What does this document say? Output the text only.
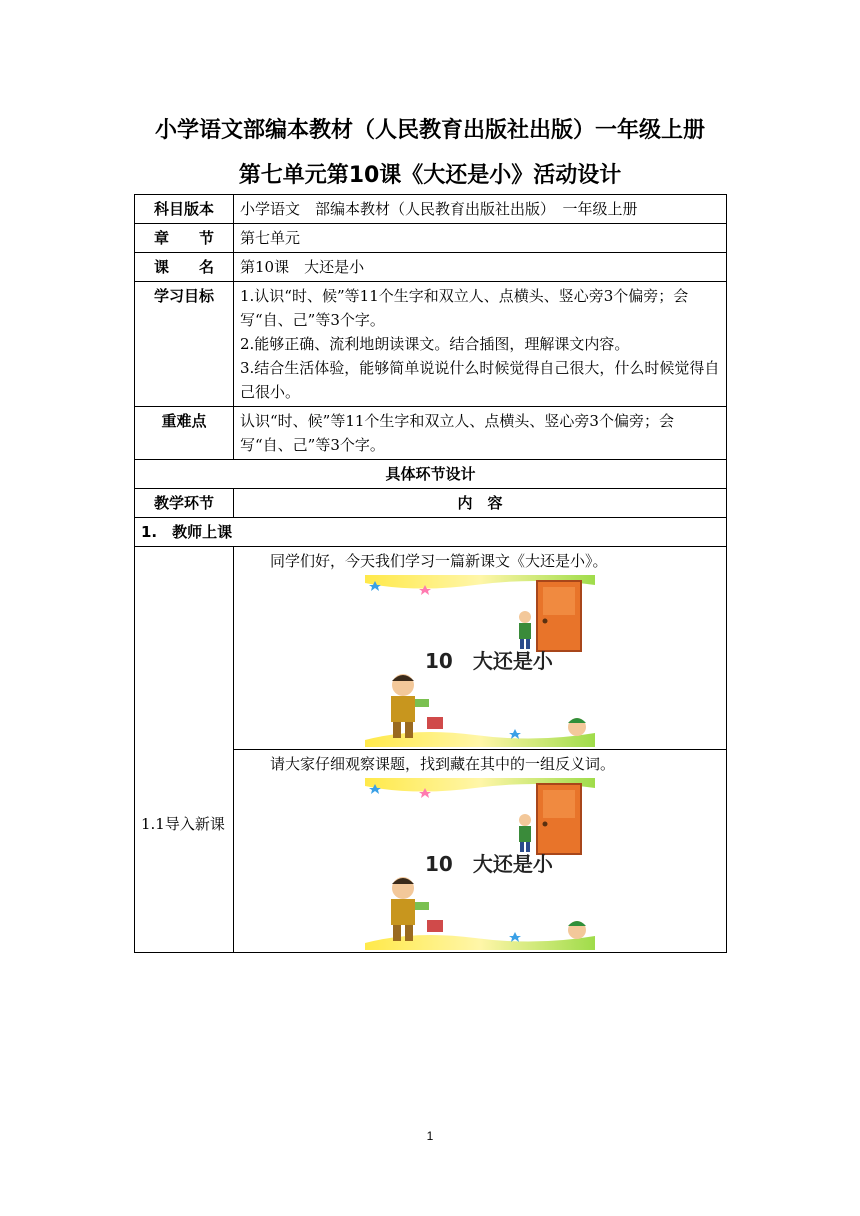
小学语文部编本教材（人民教育出版社出版）一年级上册
第七单元第10课《大还是小》活动设计
科目版本	小学语文　部编本教材（人民教育出版社出版）　一年级上册
章　　节	第七单元
课　　名	第10课　大还是小
学习目标	1.认识“时、候”等11个生字和双立人、点横头、竖心旁3个偏旁；会写“自、己”等3个字。
2.能够正确、流利地朗读课文。结合插图，理解课文内容。
3.结合生活体验，能够简单说说什么时候觉得自己很大，什么时候觉得自己很小。

重难点	认识“时、候”等11个生字和双立人、点横头、竖心旁3个偏旁；会写“自、己”等3个字。
具体环节设计	
教学环节	内　容
1.　教师上课	
1.1导入新课	同学们好，今天我们学习一篇新课文《大还是小》。
10　大还是小

	请大家仔细观察课题，找到藏在其中的一组反义词。
10　大还是小
1
